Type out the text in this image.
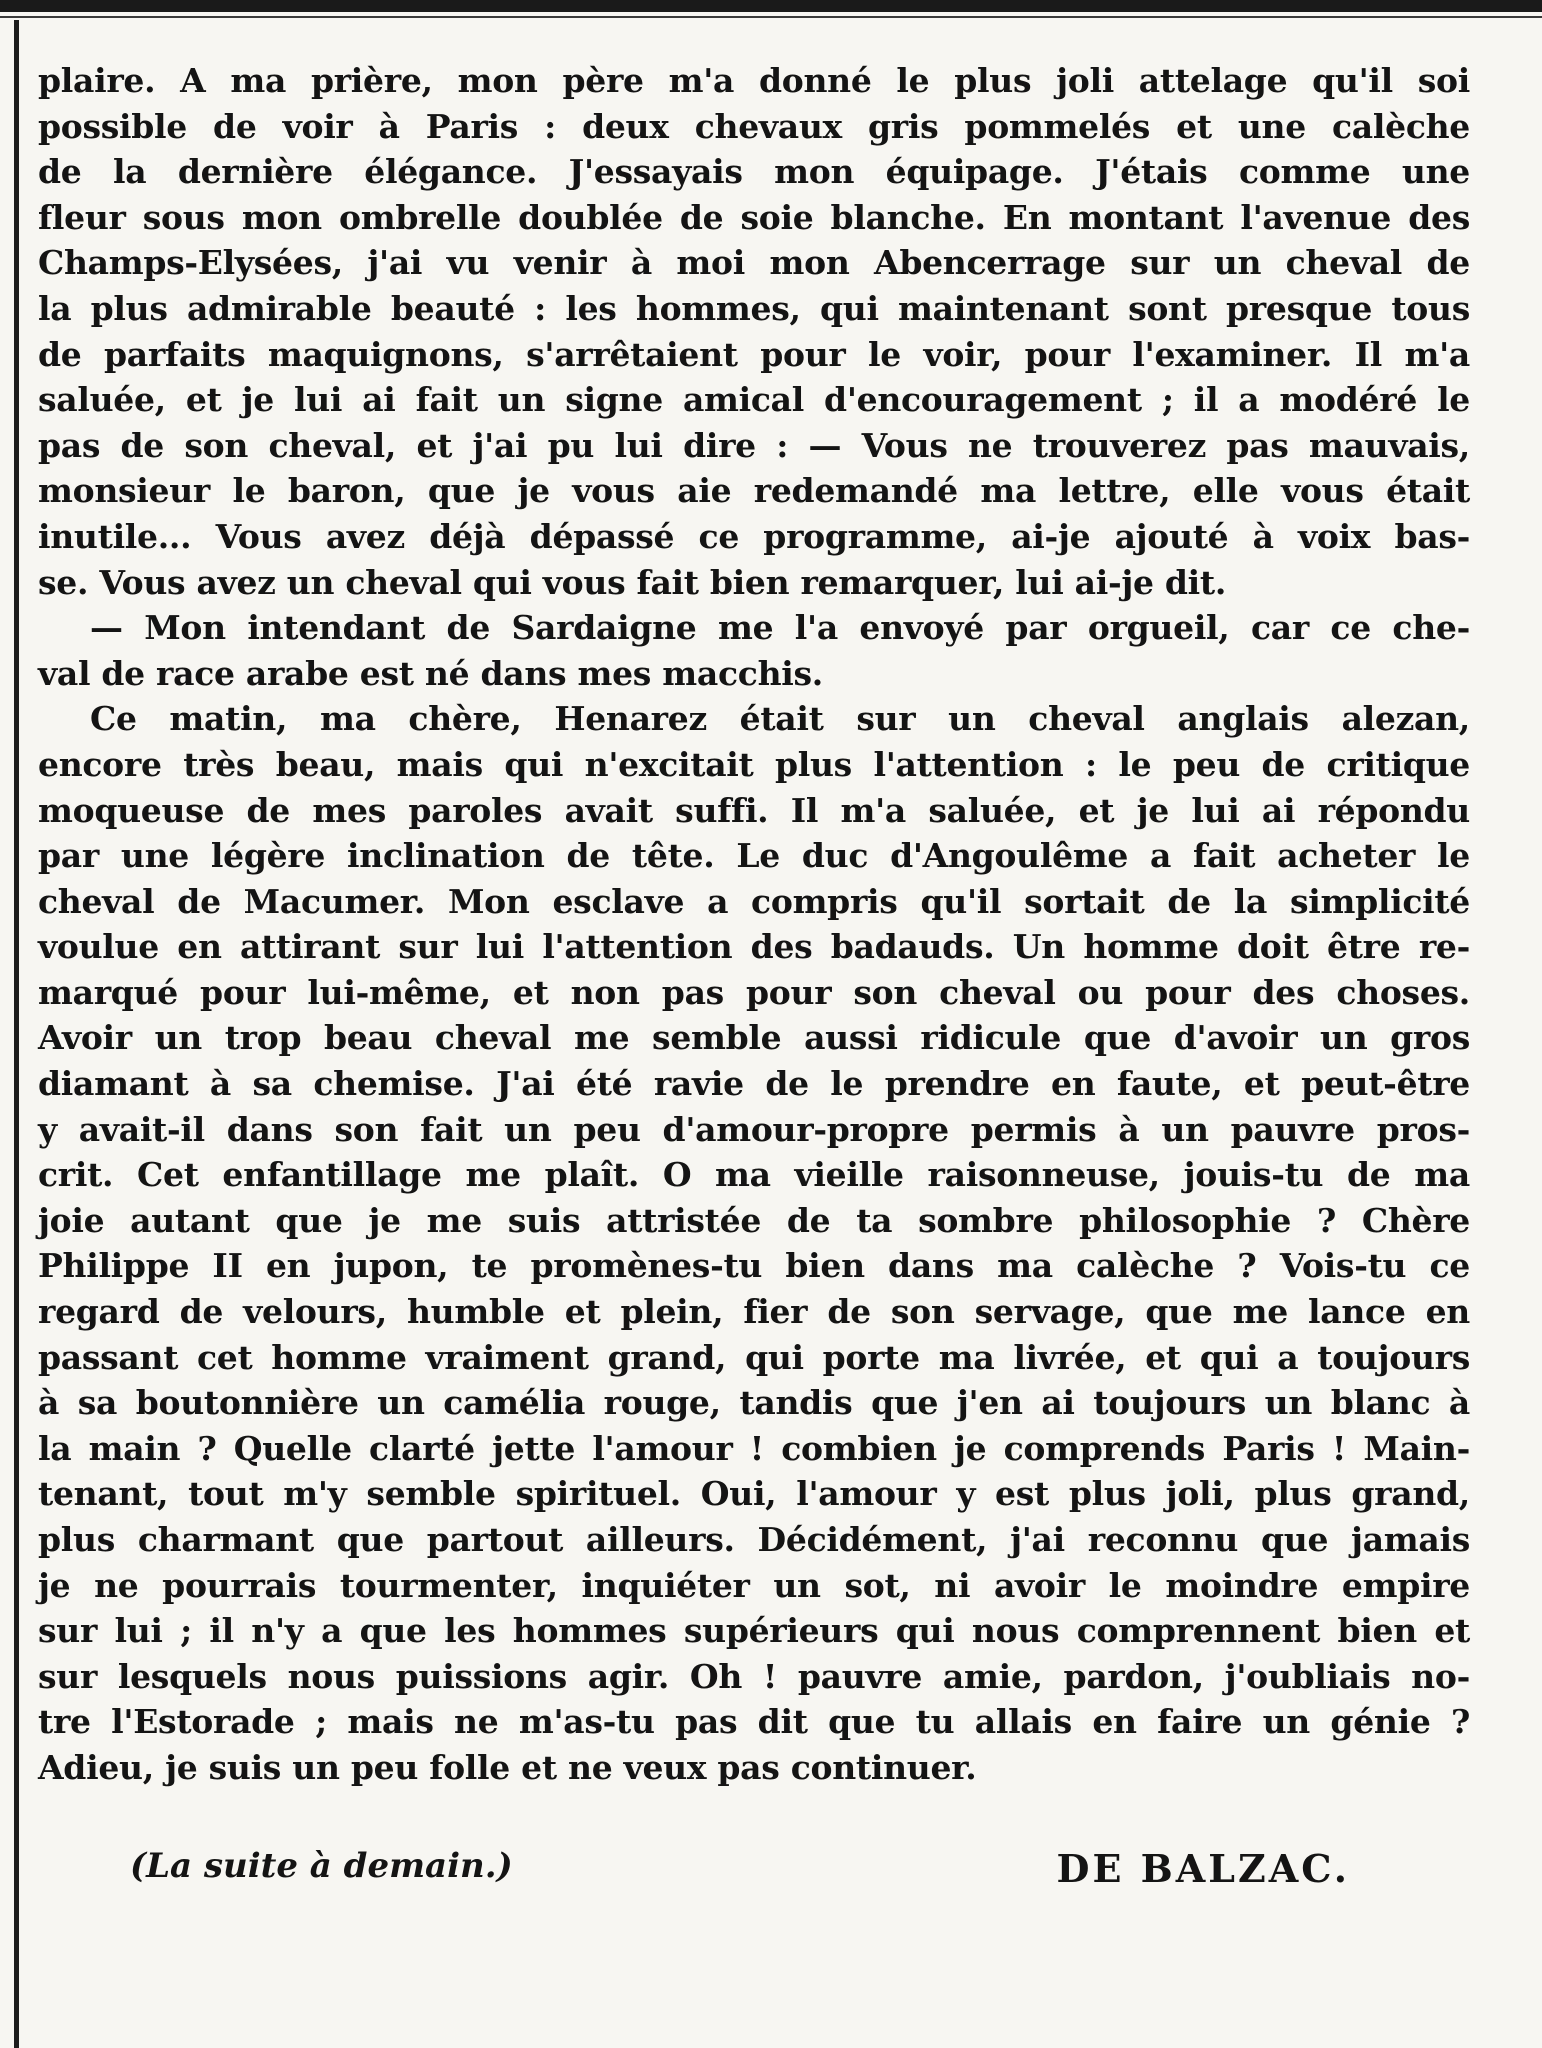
plaire. A ma prière, mon père m'a donné le plus joli attelage qu'il soi
possible de voir à Paris : deux chevaux gris pommelés et une calèche
de la dernière élégance. J'essayais mon équipage. J'étais comme une
fleur sous mon ombrelle doublée de soie blanche. En montant l'avenue des
Champs-Elysées, j'ai vu venir à moi mon Abencerrage sur un cheval de
la plus admirable beauté : les hommes, qui maintenant sont presque tous
de parfaits maquignons, s'arrêtaient pour le voir, pour l'examiner. Il m'a
saluée, et je lui ai fait un signe amical d'encouragement ; il a modéré le
pas de son cheval, et j'ai pu lui dire : — Vous ne trouverez pas mauvais,
monsieur le baron, que je vous aie redemandé ma lettre, elle vous était
inutile... Vous avez déjà dépassé ce programme, ai-je ajouté à voix bas-
se. Vous avez un cheval qui vous fait bien remarquer, lui ai-je dit.
— Mon intendant de Sardaigne me l'a envoyé par orgueil, car ce che-
val de race arabe est né dans mes macchis.
Ce matin, ma chère, Henarez était sur un cheval anglais alezan,
encore très beau, mais qui n'excitait plus l'attention : le peu de critique
moqueuse de mes paroles avait suffi. Il m'a saluée, et je lui ai répondu
par une légère inclination de tête. Le duc d'Angoulême a fait acheter le
cheval de Macumer. Mon esclave a compris qu'il sortait de la simplicité
voulue en attirant sur lui l'attention des badauds. Un homme doit être re-
marqué pour lui-même, et non pas pour son cheval ou pour des choses.
Avoir un trop beau cheval me semble aussi ridicule que d'avoir un gros
diamant à sa chemise. J'ai été ravie de le prendre en faute, et peut-être
y avait-il dans son fait un peu d'amour-propre permis à un pauvre pros-
crit. Cet enfantillage me plaît. O ma vieille raisonneuse, jouis-tu de ma
joie autant que je me suis attristée de ta sombre philosophie ? Chère
Philippe II en jupon, te promènes-tu bien dans ma calèche ? Vois-tu ce
regard de velours, humble et plein, fier de son servage, que me lance en
passant cet homme vraiment grand, qui porte ma livrée, et qui a toujours
à sa boutonnière un camélia rouge, tandis que j'en ai toujours un blanc à
la main ? Quelle clarté jette l'amour ! combien je comprends Paris ! Main-
tenant, tout m'y semble spirituel. Oui, l'amour y est plus joli, plus grand,
plus charmant que partout ailleurs. Décidément, j'ai reconnu que jamais
je ne pourrais tourmenter, inquiéter un sot, ni avoir le moindre empire
sur lui ; il n'y a que les hommes supérieurs qui nous comprennent bien et
sur lesquels nous puissions agir. Oh ! pauvre amie, pardon, j'oubliais no-
tre l'Estorade ; mais ne m'as-tu pas dit que tu allais en faire un génie ?
Adieu, je suis un peu folle et ne veux pas continuer.
(La suite à demain.)	DE BALZAC.
